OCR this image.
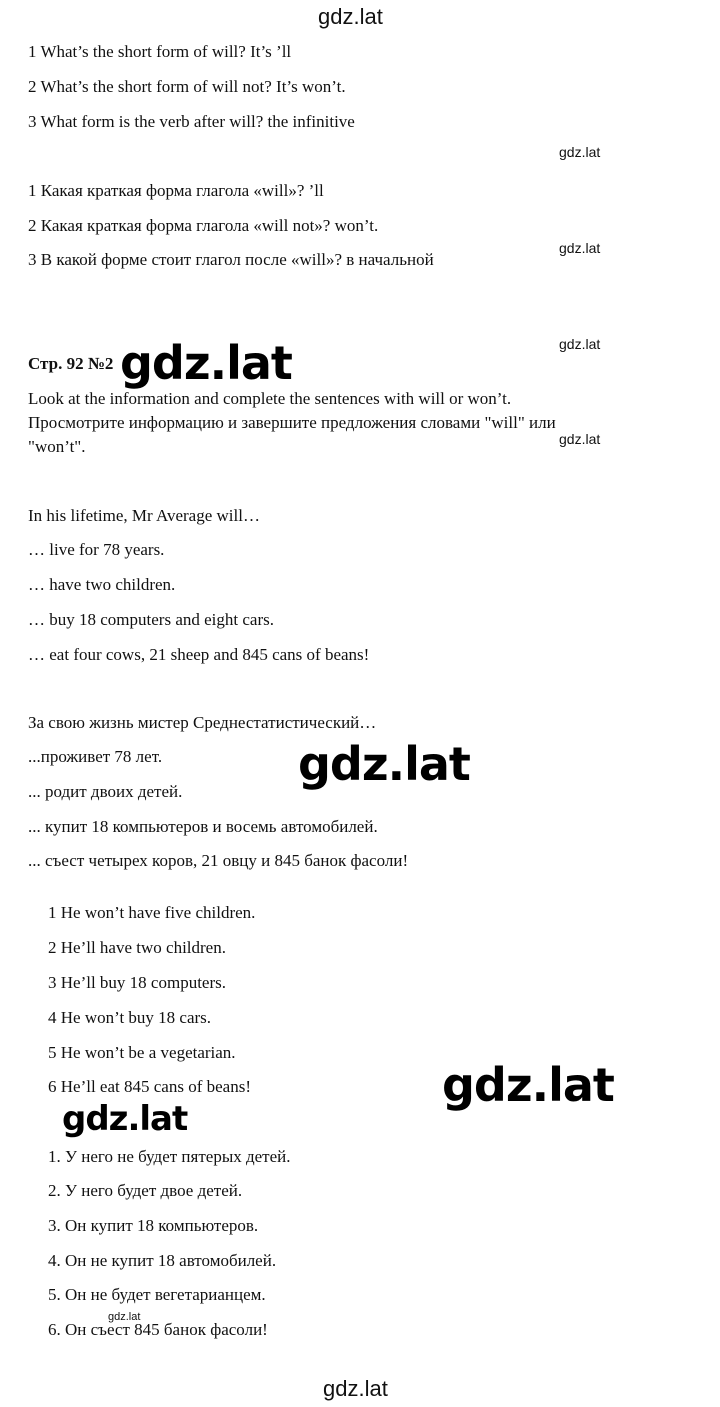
gdz.lat
1 What’s the short form of will? It’s ’ll
2 What’s the short form of will not? It’s won’t.
3 What form is the verb after will? the infinitive
gdz.lat
1 Какая краткая форма глагола «will»? ’ll
2 Какая краткая форма глагола «will not»? won’t.
gdz.lat
3 В какой форме стоит глагол после «will»? в начальной
gdz.lat
Стр. 92 №2 gdz.lat
Look at the information and complete the sentences with will or won’t.
Просмотрите информацию и завершите предложения словами "will" или
gdz.lat
"won’t".
In his lifetime, Mr Average will…
… live for 78 years.
… have two children.
… buy 18 computers and eight cars.
… eat four cows, 21 sheep and 845 cans of beans!
За свою жизнь мистер Среднестатистический…
...проживет 78 лет.	gdz.lat
... родит двоих детей.
... купит 18 компьютеров и восемь автомобилей.
... съест четырех коров, 21 овцу и 845 банок фасоли!
1 He won’t have five children.
2 He’ll have two children.
3 He’ll buy 18 computers.
4 He won’t buy 18 cars.
5 He won’t be a vegetarian.
6 He’ll eat 845 cans of beans!	gdz.lat
gdz.lat
1. У него не будет пятерых детей.
2. У него будет двое детей.
3. Он купит 18 компьютеров.
4. Он не купит 18 автомобилей.
5. Он не будет вегетарианцем.
gdz.lat
6. Он съест 845 банок фасоли!
gdz.lat
